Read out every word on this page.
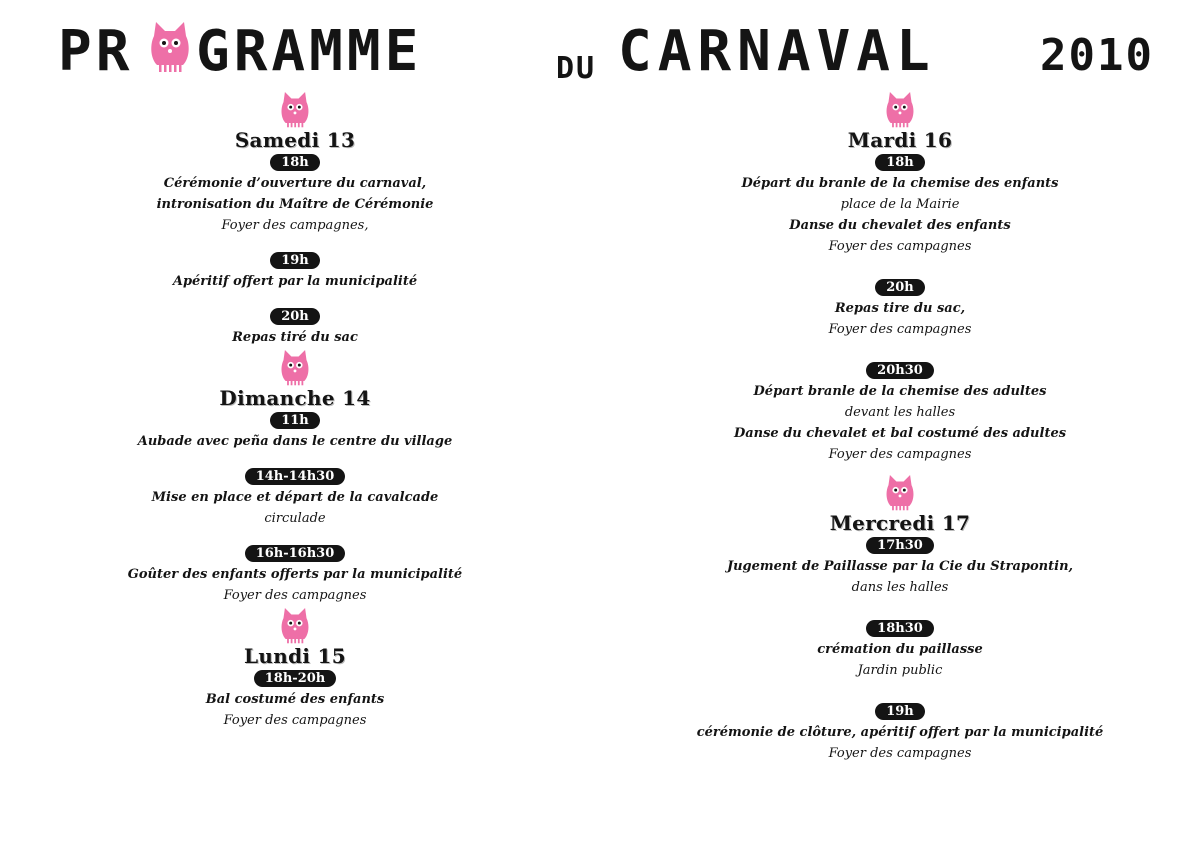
PR GRAMME	DU CARNAVAL 2010
Samedi 13
18h
Cérémonie d’ouverture du carnaval,
intronisation du Maître de Cérémonie
Foyer des campagnes,
19h
Apéritif offert par la municipalité
20h
Repas tiré du sac
Dimanche 14
11h
Aubade avec peña dans le centre du village
14h-14h30
Mise en place et départ de la cavalcade
circulade
16h-16h30
Goûter des enfants offerts par la municipalité
Foyer des campagnes
Lundi 15
18h-20h
Bal costumé des enfants
Foyer des campagnes
Mardi 16
18h
Départ du branle de la chemise des enfants
place de la Mairie
Danse du chevalet des enfants
Foyer des campagnes
20h
Repas tire du sac,
Foyer des campagnes
20h30
Départ branle de la chemise des adultes
devant les halles
Danse du chevalet et bal costumé des adultes
Foyer des campagnes
Mercredi 17
17h30
Jugement de Paillasse par la Cie du Strapontin,
dans les halles
18h30
crémation du paillasse
Jardin public
19h
cérémonie de clôture, apéritif offert par la municipalité
Foyer des campagnes
